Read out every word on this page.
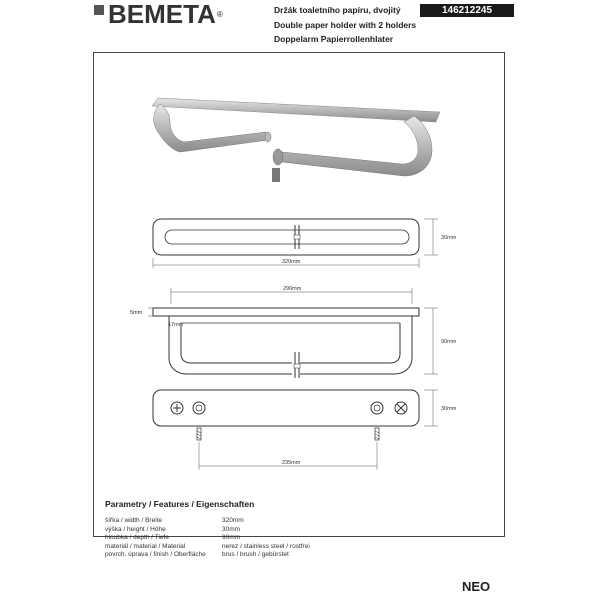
BEMETA ®	Držák toaletního papíru, dvojitý
Double paper holder with 2 holders
Doppelarm Papierrollenhlater
146212245
30mm
320mm
290mm
5mm
17mm
90mm
30mm
235mm
Parametry / Features / Eigenschaften
šířka / width / Breite	320mm
výška / height / Höhe	30mm
hloubka / depth / Tiefe	90mm
materiál / material / Material	nerez / stainless steel / rostfrei
povrch. úprava / finish / Oberfläche	brus / brush / gebürstet
NEO
